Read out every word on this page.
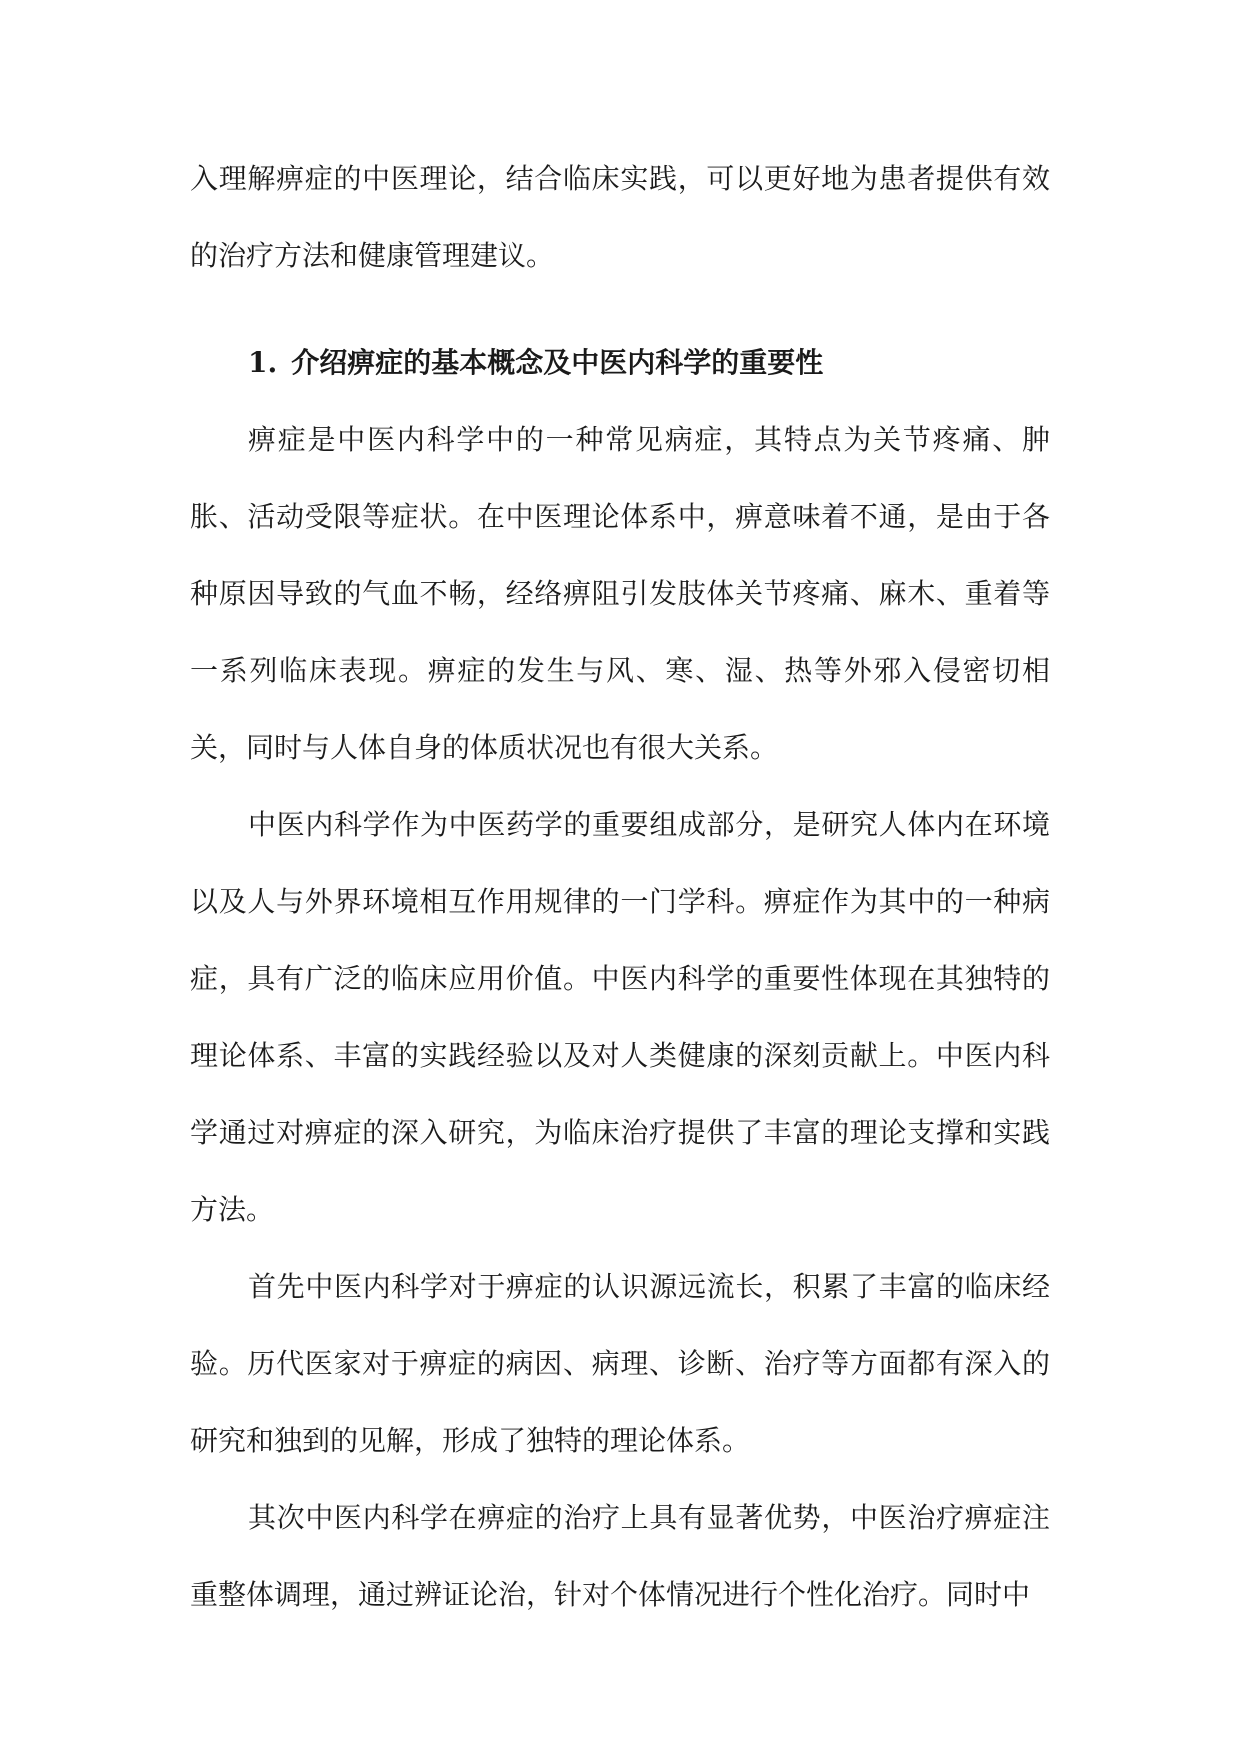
入理解痹症的中医理论，结合临床实践，可以更好地为患者提供有效的治疗方法和健康管理建议。

1. 介绍痹症的基本概念及中医内科学的重要性

痹症是中医内科学中的一种常见病症，其特点为关节疼痛、肿胀、活动受限等症状。在中医理论体系中，痹意味着不通，是由于各种原因导致的气血不畅，经络痹阻引发肢体关节疼痛、麻木、重着等一系列临床表现。痹症的发生与风、寒、湿、热等外邪入侵密切相关，同时与人体自身的体质状况也有很大关系。

中医内科学作为中医药学的重要组成部分，是研究人体内在环境以及人与外界环境相互作用规律的一门学科。痹症作为其中的一种病症，具有广泛的临床应用价值。中医内科学的重要性体现在其独特的理论体系、丰富的实践经验以及对人类健康的深刻贡献上。中医内科学通过对痹症的深入研究，为临床治疗提供了丰富的理论支撑和实践方法。

首先中医内科学对于痹症的认识源远流长，积累了丰富的临床经验。历代医家对于痹症的病因、病理、诊断、治疗等方面都有深入的研究和独到的见解，形成了独特的理论体系。

其次中医内科学在痹症的治疗上具有显著优势，中医治疗痹症注重整体调理，通过辨证论治，针对个体情况进行个性化治疗。同时中
